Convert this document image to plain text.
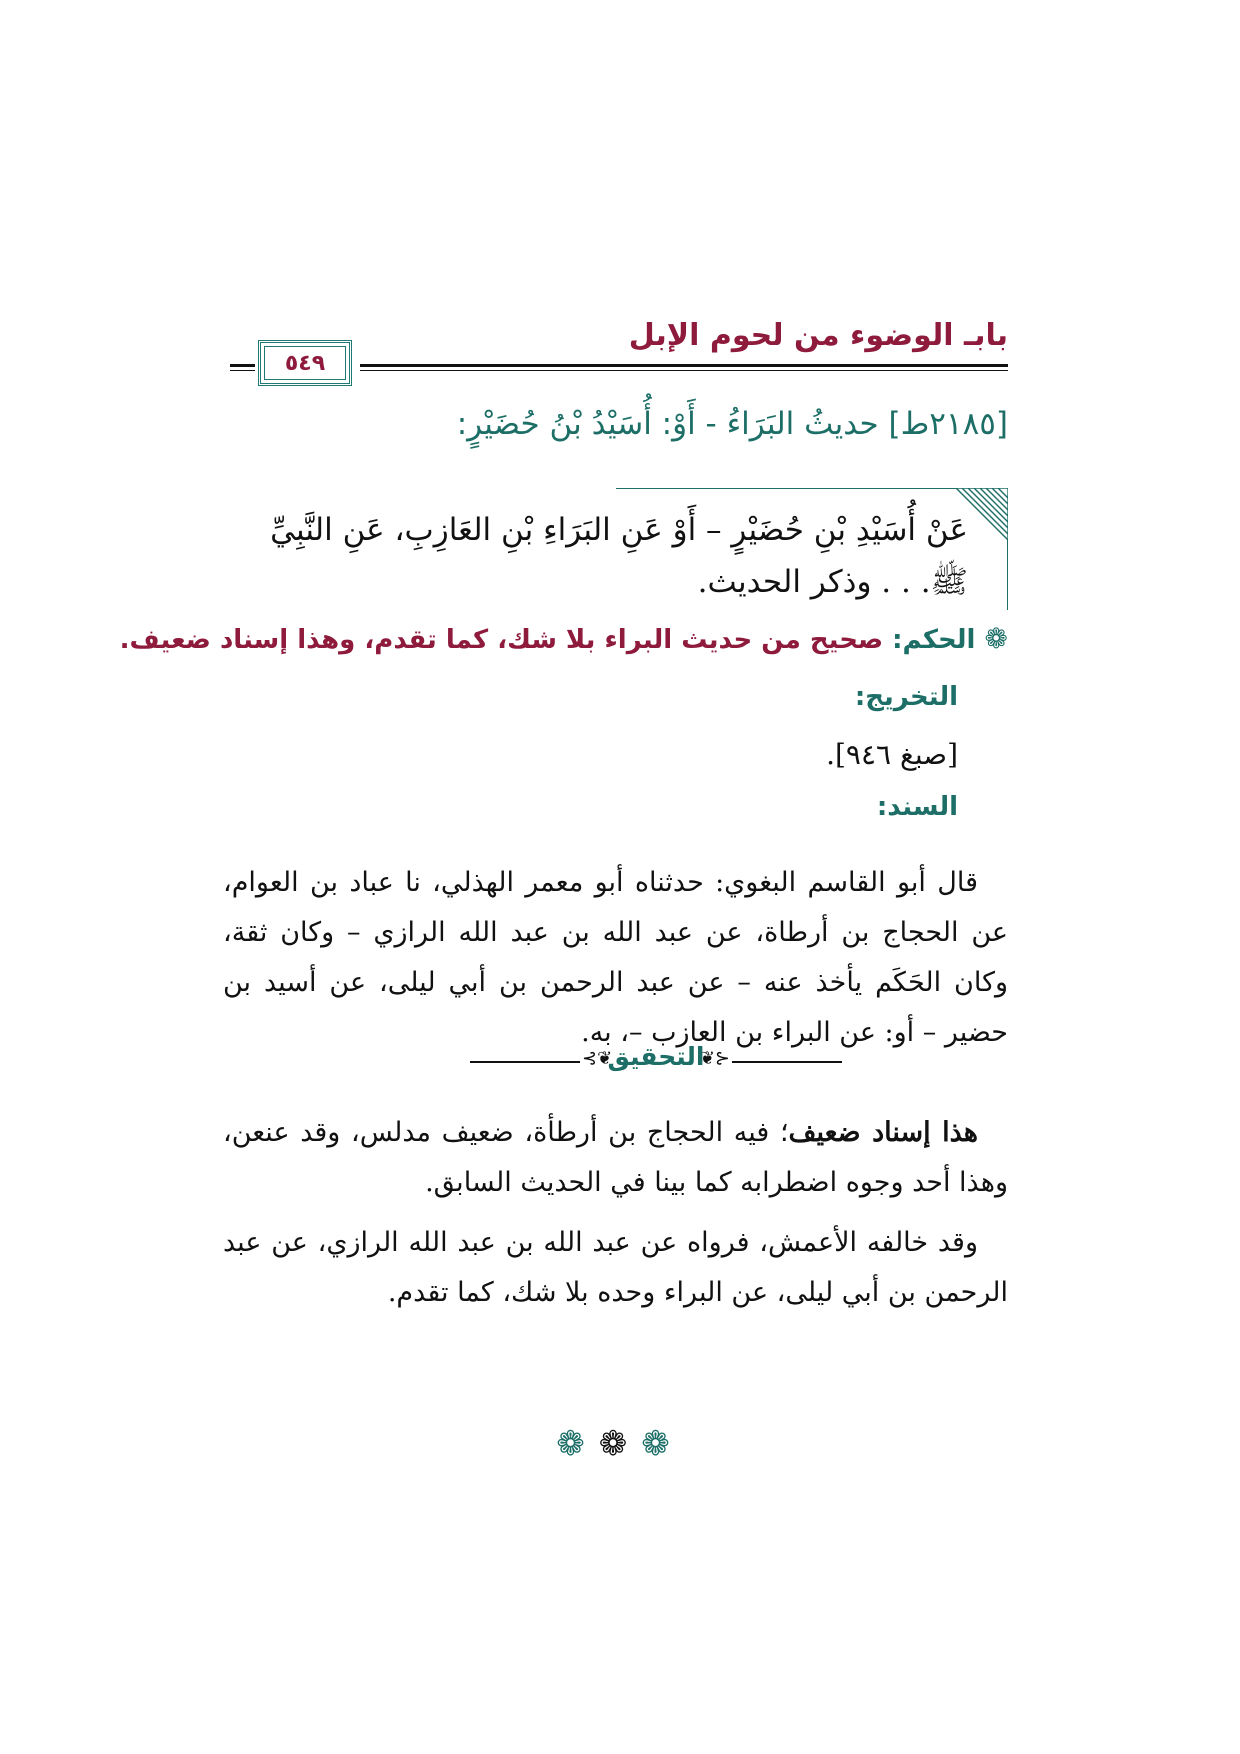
بابـ الوضوء من لحوم الإبل
٥٤٩
[٢١٨٥ط] حديثُ البَرَاءُ - أَوْ: أُسَيْدُ بْنُ حُضَيْرٍ:
عَنْ أُسَيْدِ بْنِ حُضَيْرٍ – أَوْ عَنِ البَرَاءِ بْنِ العَازِبِ، عَنِ النَّبِيِّ ﷺ. . . وذكر الحديث.
❁ الحكم: صحيح من حديث البراء بلا شك، كما تقدم، وهذا إسناد ضعيف.
التخريج:
[صبغ ٩٤٦].
السند:
قال أبو القاسم البغوي: حدثناه أبو معمر الهذلي، نا عباد بن العوام، عن الحجاج بن أرطاة، عن عبد الله بن عبد الله الرازي – وكان ثقة، وكان الحَكَم يأخذ عنه – عن عبد الرحمن بن أبي ليلى، عن أسيد بن حضير – أو: عن البراء بن العازب –، به.
⊰❦	❦⊱
التحقيق
هذا إسناد ضعيف؛ فيه الحجاج بن أرطأة، ضعيف مدلس، وقد عنعن، وهذا أحد وجوه اضطرابه كما بينا في الحديث السابق.
وقد خالفه الأعمش، فرواه عن عبد الله بن عبد الله الرازي، عن عبد الرحمن بن أبي ليلى، عن البراء وحده بلا شك، كما تقدم.
❁❁❁
